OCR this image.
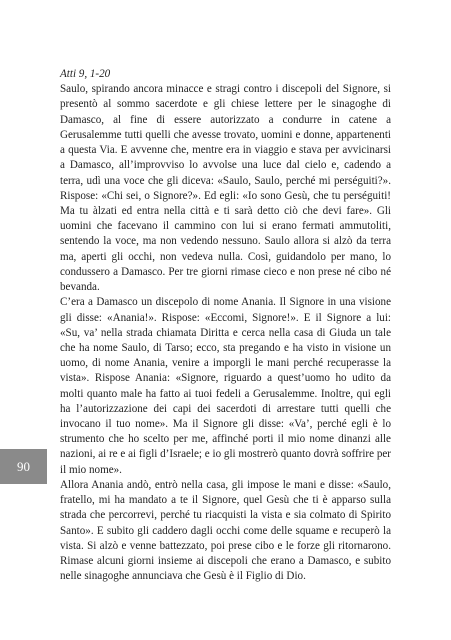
Atti 9, 1-20

Saulo, spirando ancora minacce e stragi contro i discepoli del Signore, si presentò al sommo sacerdote e gli chiese lettere per le sinagoghe di Damasco, al fine di essere autorizzato a condurre in catene a Gerusalemme tutti quelli che avesse trovato, uomini e donne, appartenenti a questa Via. E avvenne che, mentre era in viaggio e stava per avvicinarsi a Damasco, all’improvviso lo avvolse una luce dal cielo e, cadendo a terra, udì una voce che gli diceva: «Saulo, Saulo, perché mi perséguiti?». Rispose: «Chi sei, o Signore?». Ed egli: «Io sono Gesù, che tu perséguiti! Ma tu àlzati ed entra nella città e ti sarà detto ciò che devi fare». Gli uomini che facevano il cammino con lui si erano fermati ammutoliti, sentendo la voce, ma non vedendo nessuno. Saulo allora si alzò da terra ma, aperti gli occhi, non vedeva nulla. Così, guidandolo per mano, lo condussero a Damasco. Per tre giorni rimase cieco e non prese né cibo né bevanda.

C’era a Damasco un discepolo di nome Anania. Il Signore in una visione gli disse: «Anania!». Rispose: «Eccomi, Signore!». E il Signore a lui: «Su, va’ nella strada chiamata Diritta e cerca nella casa di Giuda un tale che ha nome Saulo, di Tarso; ecco, sta pregando e ha visto in visione un uomo, di nome Anania, venire a imporgli le mani perché recuperasse la vista». Rispose Anania: «Signore, riguardo a quest’uomo ho udito da molti quanto male ha fatto ai tuoi fedeli a Gerusalemme. Inoltre, qui egli ha l’autorizzazione dei capi dei sacerdoti di arrestare tutti quelli che invocano il tuo nome». Ma il Signore gli disse: «Va’, perché egli è lo strumento che ho scelto per me, affinché porti il mio nome dinanzi alle nazioni, ai re e ai figli d’Israele; e io gli mostrerò quanto dovrà soffrire per il mio nome».

Allora Anania andò, entrò nella casa, gli impose le mani e disse: «Saulo, fratello, mi ha mandato a te il Signore, quel Gesù che ti è apparso sulla strada che percorrevi, perché tu riacquisti la vista e sia colmato di Spirito Santo». E subito gli caddero dagli occhi come delle squame e recuperò la vista. Si alzò e venne battezzato, poi prese cibo e le forze gli ritornarono. Rimase alcuni giorni insieme ai discepoli che erano a Damasco, e subito nelle sinagoghe annunciava che Gesù è il Figlio di Dio.

90
